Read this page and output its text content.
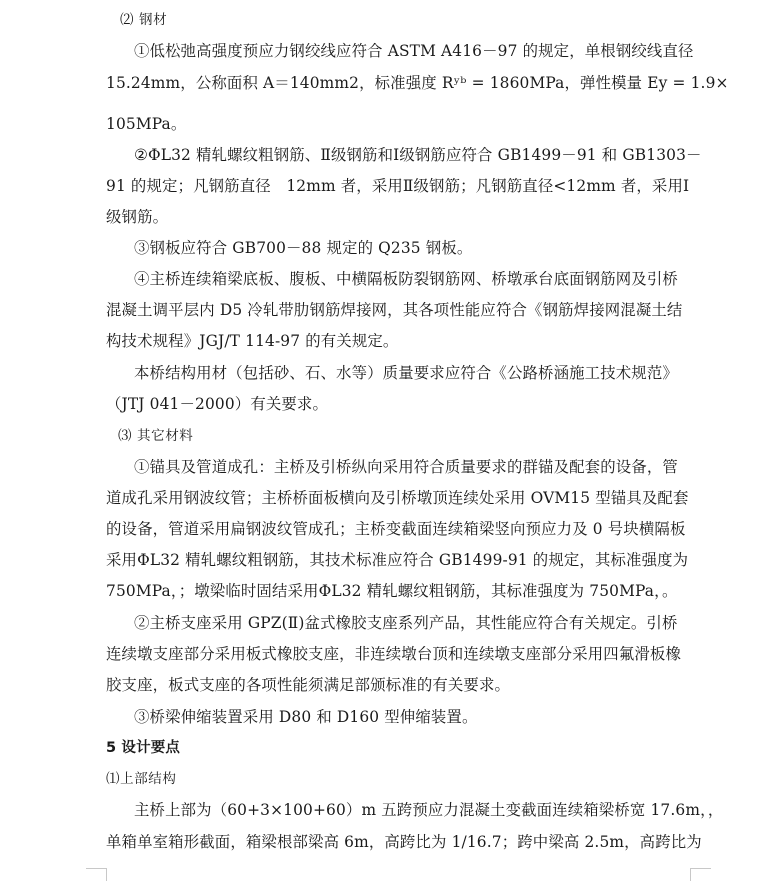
⑵ 钢材
①低松弛高强度预应力钢绞线应符合 ASTM A416－97 的规定，单根钢绞线直径
15.24mm，公称面积 A＝140mm2，标准强度 Rʸᵇ = 1860MPa，弹性模量 Ey = 1.9×
105MPa。
②ΦL32 精轧螺纹粗钢筋、Ⅱ级钢筋和Ⅰ级钢筋应符合 GB1499－91 和 GB1303－
91 的规定；凡钢筋直径　12mm 者，采用Ⅱ级钢筋；凡钢筋直径<12mm 者，采用Ⅰ
级钢筋。
③钢板应符合 GB700－88 规定的 Q235 钢板。
④主桥连续箱梁底板、腹板、中横隔板防裂钢筋网、桥墩承台底面钢筋网及引桥
混凝土调平层内 D5 冷轧带肋钢筋焊接网，其各项性能应符合《钢筋焊接网混凝土结
构技术规程》JGJ/T 114-97 的有关规定。
本桥结构用材（包括砂、石、水等）质量要求应符合《公路桥涵施工技术规范》
（JTJ 041－2000）有关要求。
⑶ 其它材料
①锚具及管道成孔：主桥及引桥纵向采用符合质量要求的群锚及配套的设备，管
道成孔采用钢波纹管；主桥桥面板横向及引桥墩顶连续处采用 OVM15 型锚具及配套
的设备，管道采用扁钢波纹管成孔；主桥变截面连续箱梁竖向预应力及 0 号块横隔板
采用ΦL32 精轧螺纹粗钢筋，其技术标准应符合 GB1499-91 的规定，其标准强度为
750MPa，；墩梁临时固结采用ΦL32 精轧螺纹粗钢筋，其标准强度为 750MPa，。
②主桥支座采用 GPZ(Ⅱ)盆式橡胶支座系列产品，其性能应符合有关规定。引桥
连续墩支座部分采用板式橡胶支座，非连续墩台顶和连续墩支座部分采用四氟滑板橡
胶支座，板式支座的各项性能须满足部颁标准的有关要求。
③桥梁伸缩装置采用 D80 和 D160 型伸缩装置。
5 设计要点
⑴上部结构
主桥上部为（60+3×100+60）m 五跨预应力混凝土变截面连续箱梁桥宽 17.6m，，
单箱单室箱形截面，箱梁根部梁高 6m，高跨比为 1/16.7；跨中梁高 2.5m，高跨比为
